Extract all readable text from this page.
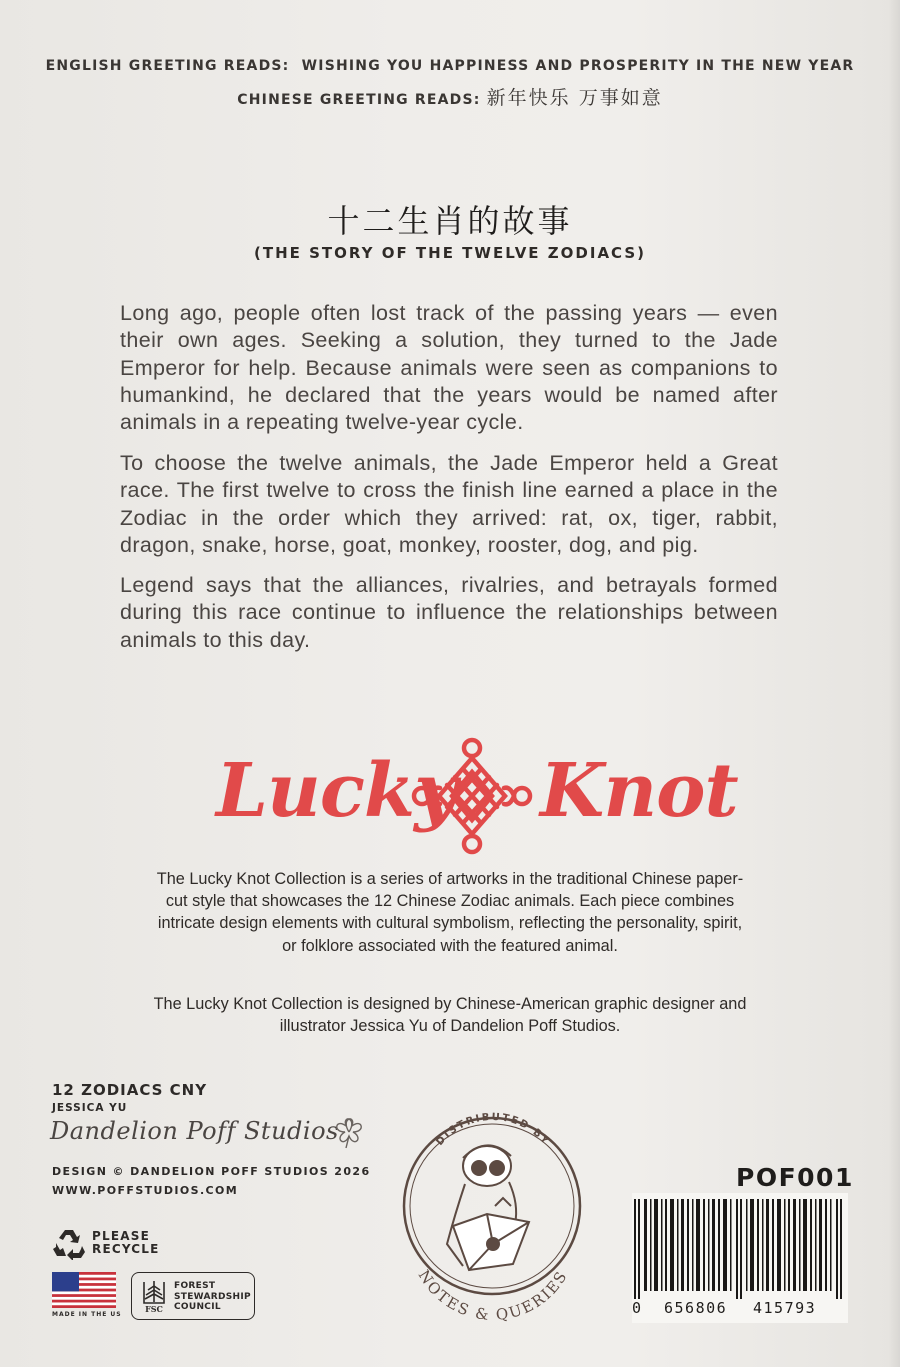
ENGLISH GREETING READS: WISHING YOU HAPPINESS AND PROSPERITY IN THE NEW YEAR
CHINESE GREETING READS: 新年快乐 万事如意
十二生肖的故事
(THE STORY OF THE TWELVE ZODIACS)
Long ago, people often lost track of the passing years — even their own ages. Seeking a solution, they turned to the Jade Emperor for help. Because animals were seen as companions to humankind, he declared that the years would be named after animals in a repeating twelve-year cycle.
To choose the twelve animals, the Jade Emperor held a Great race. The first twelve to cross the finish line earned a place in the Zodiac in the order which they arrived: rat, ox, tiger, rabbit, dragon, snake, horse, goat, monkey, rooster, dog, and pig.
Legend says that the alliances, rivalries, and betrayals formed during this race continue to influence the relationships between animals to this day.
Lucky Knot
The Lucky Knot Collection is a series of artworks in the traditional Chinese paper-cut style that showcases the 12 Chinese Zodiac animals. Each piece combines intricate design elements with cultural symbolism, reflecting the personality, spirit, or folklore associated with the featured animal.
The Lucky Knot Collection is designed by Chinese-American graphic designer and illustrator Jessica Yu of Dandelion Poff Studios.
12 ZODIACS CNY
JESSICA YU
Dandelion Poff Studios
DESIGN © DANDELION POFF STUDIOS 2026
WWW.POFFSTUDIOS.COM
PLEASE RECYCLE
MADE IN THE US
FSC
FOREST STEWARDSHIP COUNCIL
DISTRIBUTED BY
NOTES & QUERIES
POF001
0 656806 415793
